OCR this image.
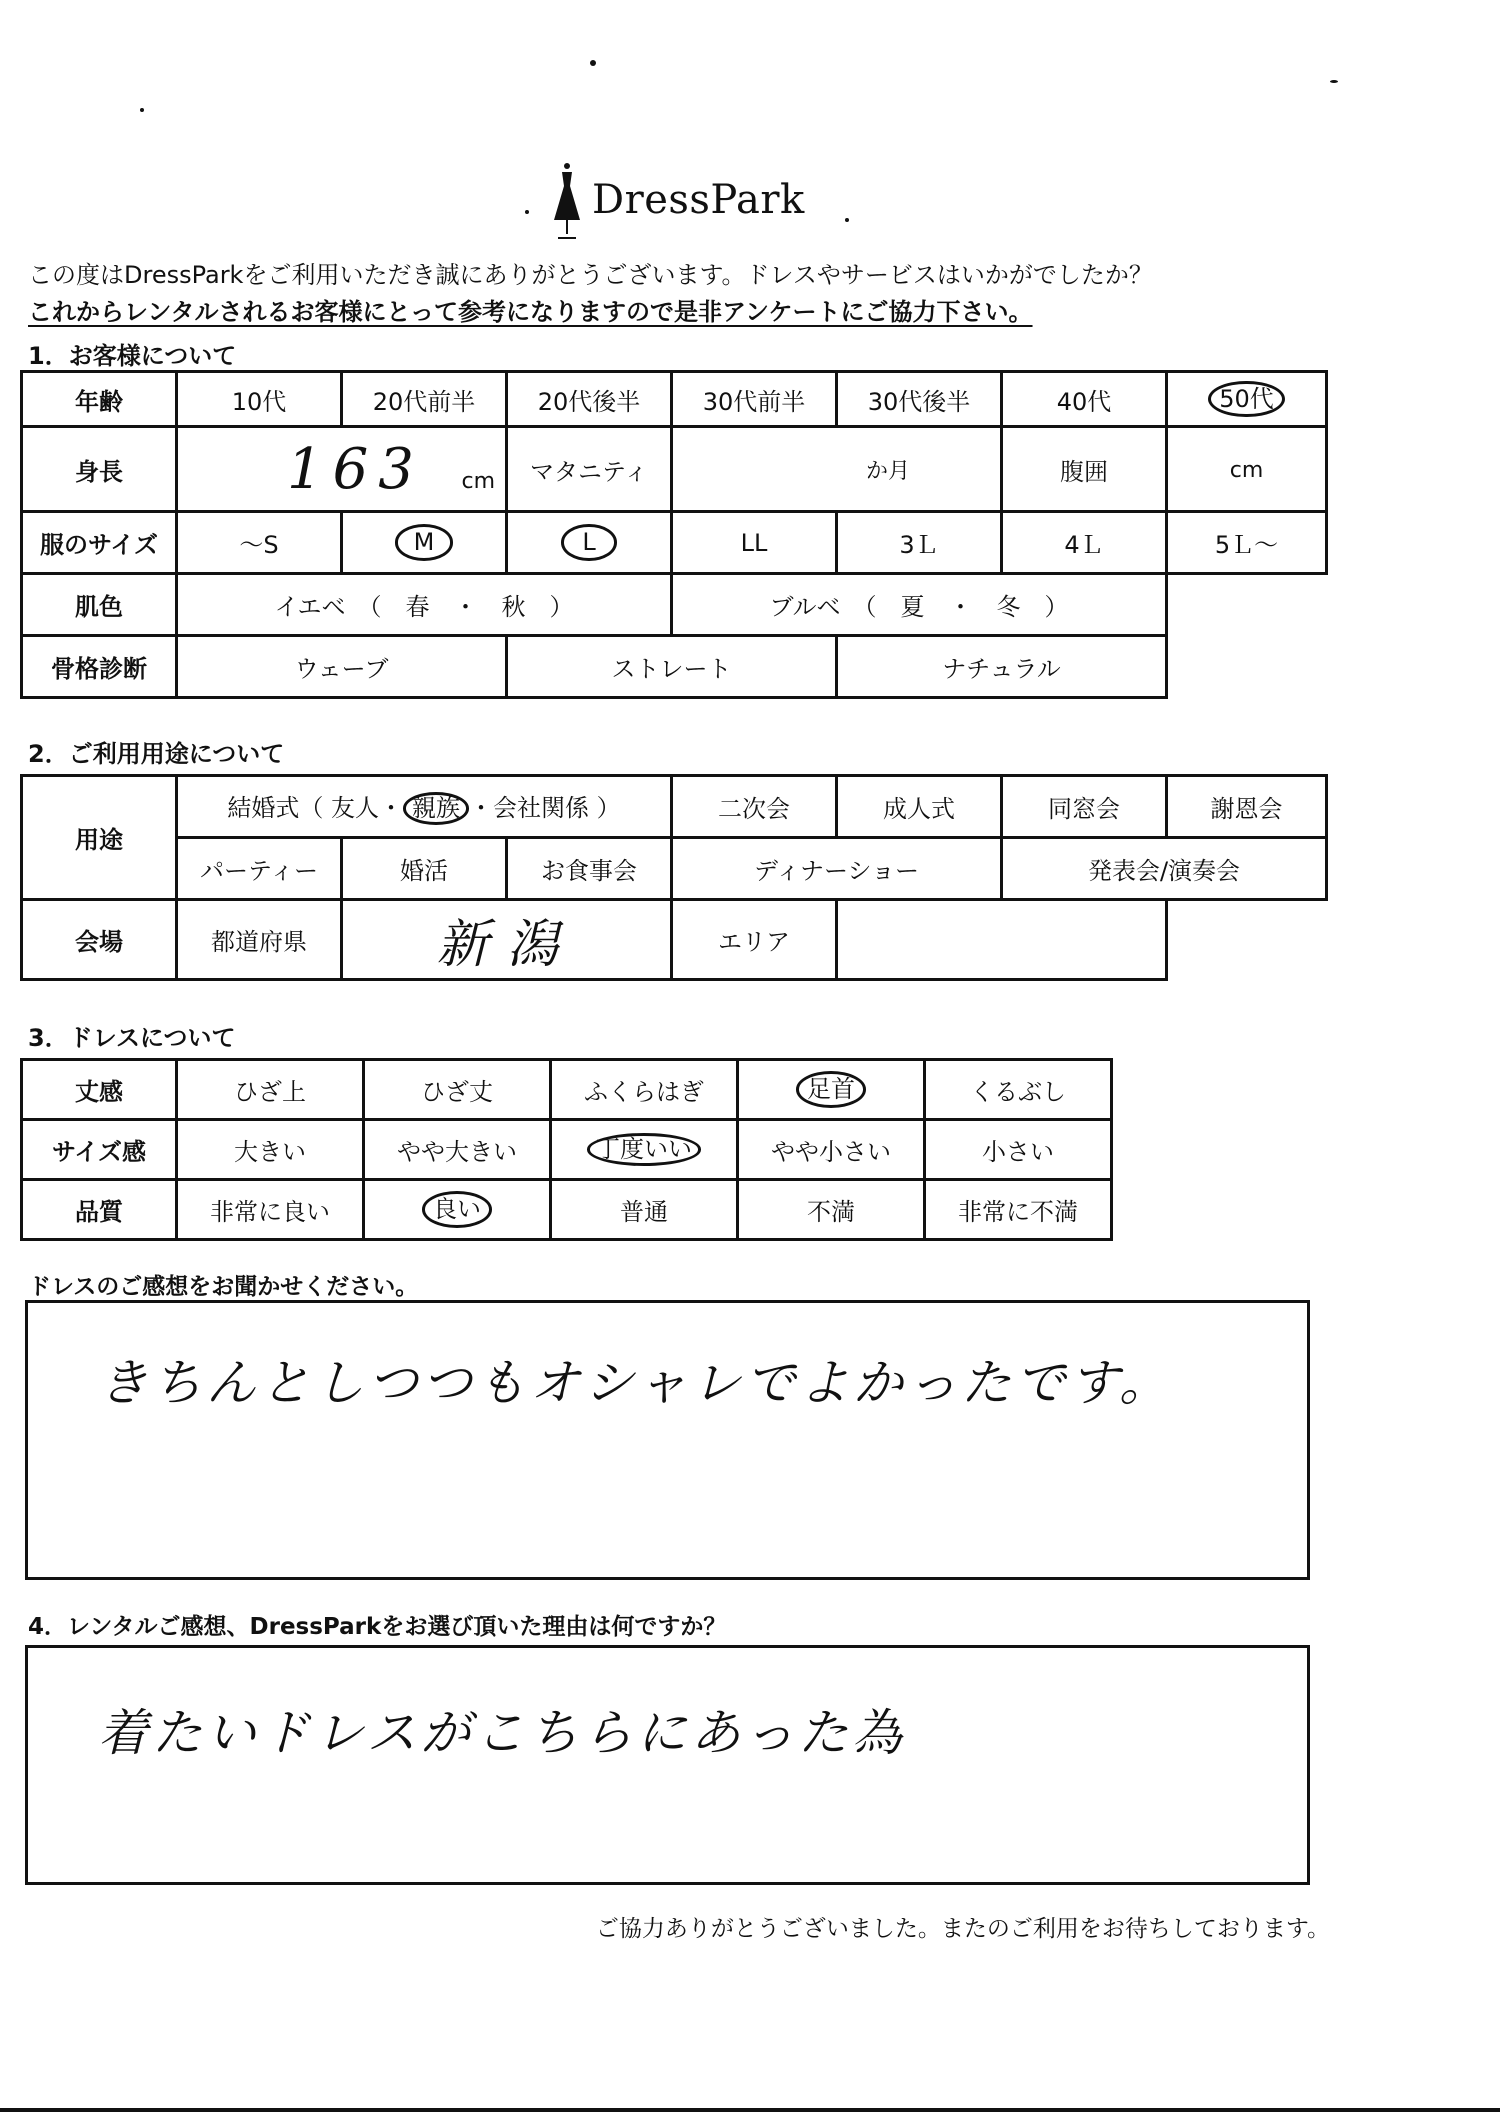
DressPark
この度はDressParkをご利用いただき誠にありがとうございます。ドレスやサービスはいかがでしたか？
これからレンタルされるお客様にとって参考になりますので是非アンケートにご協力下さい。
1．お客様について
年齢	10代	20代前半	20代後半	30代前半	30代後半	40代	50代
身長	163 cm		マタニティ	か月		腹囲	cm
服のサイズ	～S	M	L	LL	3Ｌ	4Ｌ	5Ｌ～
肌色	イエベ　（　春　・　秋　）			ブルベ　（　夏　・　冬　）			
骨格診断	ウェーブ		ストレート		ナチュラル		
2．ご利用用途について
用途	結婚式（ 友人・ 親族 ・会社関係 ）			二次会	成人式	同窓会	謝恩会
	パーティー	婚活	お食事会	ディナーショー		発表会/演奏会	
会場	都道府県	新潟		エリア			
3．ドレスについて
丈感	ひざ上	ひざ丈	ふくらはぎ	足首	くるぶし
サイズ感	大きい	やや大きい	丁度いい	やや小さい	小さい
品質	非常に良い	良い	普通	不満	非常に不満
ドレスのご感想をお聞かせください。
きちんとしつつもオシャレでよかったです。
4．レンタルご感想、DressParkをお選び頂いた理由は何ですか？
着たいドレスがこちらにあった為
ご協力ありがとうございました。またのご利用をお待ちしております。
